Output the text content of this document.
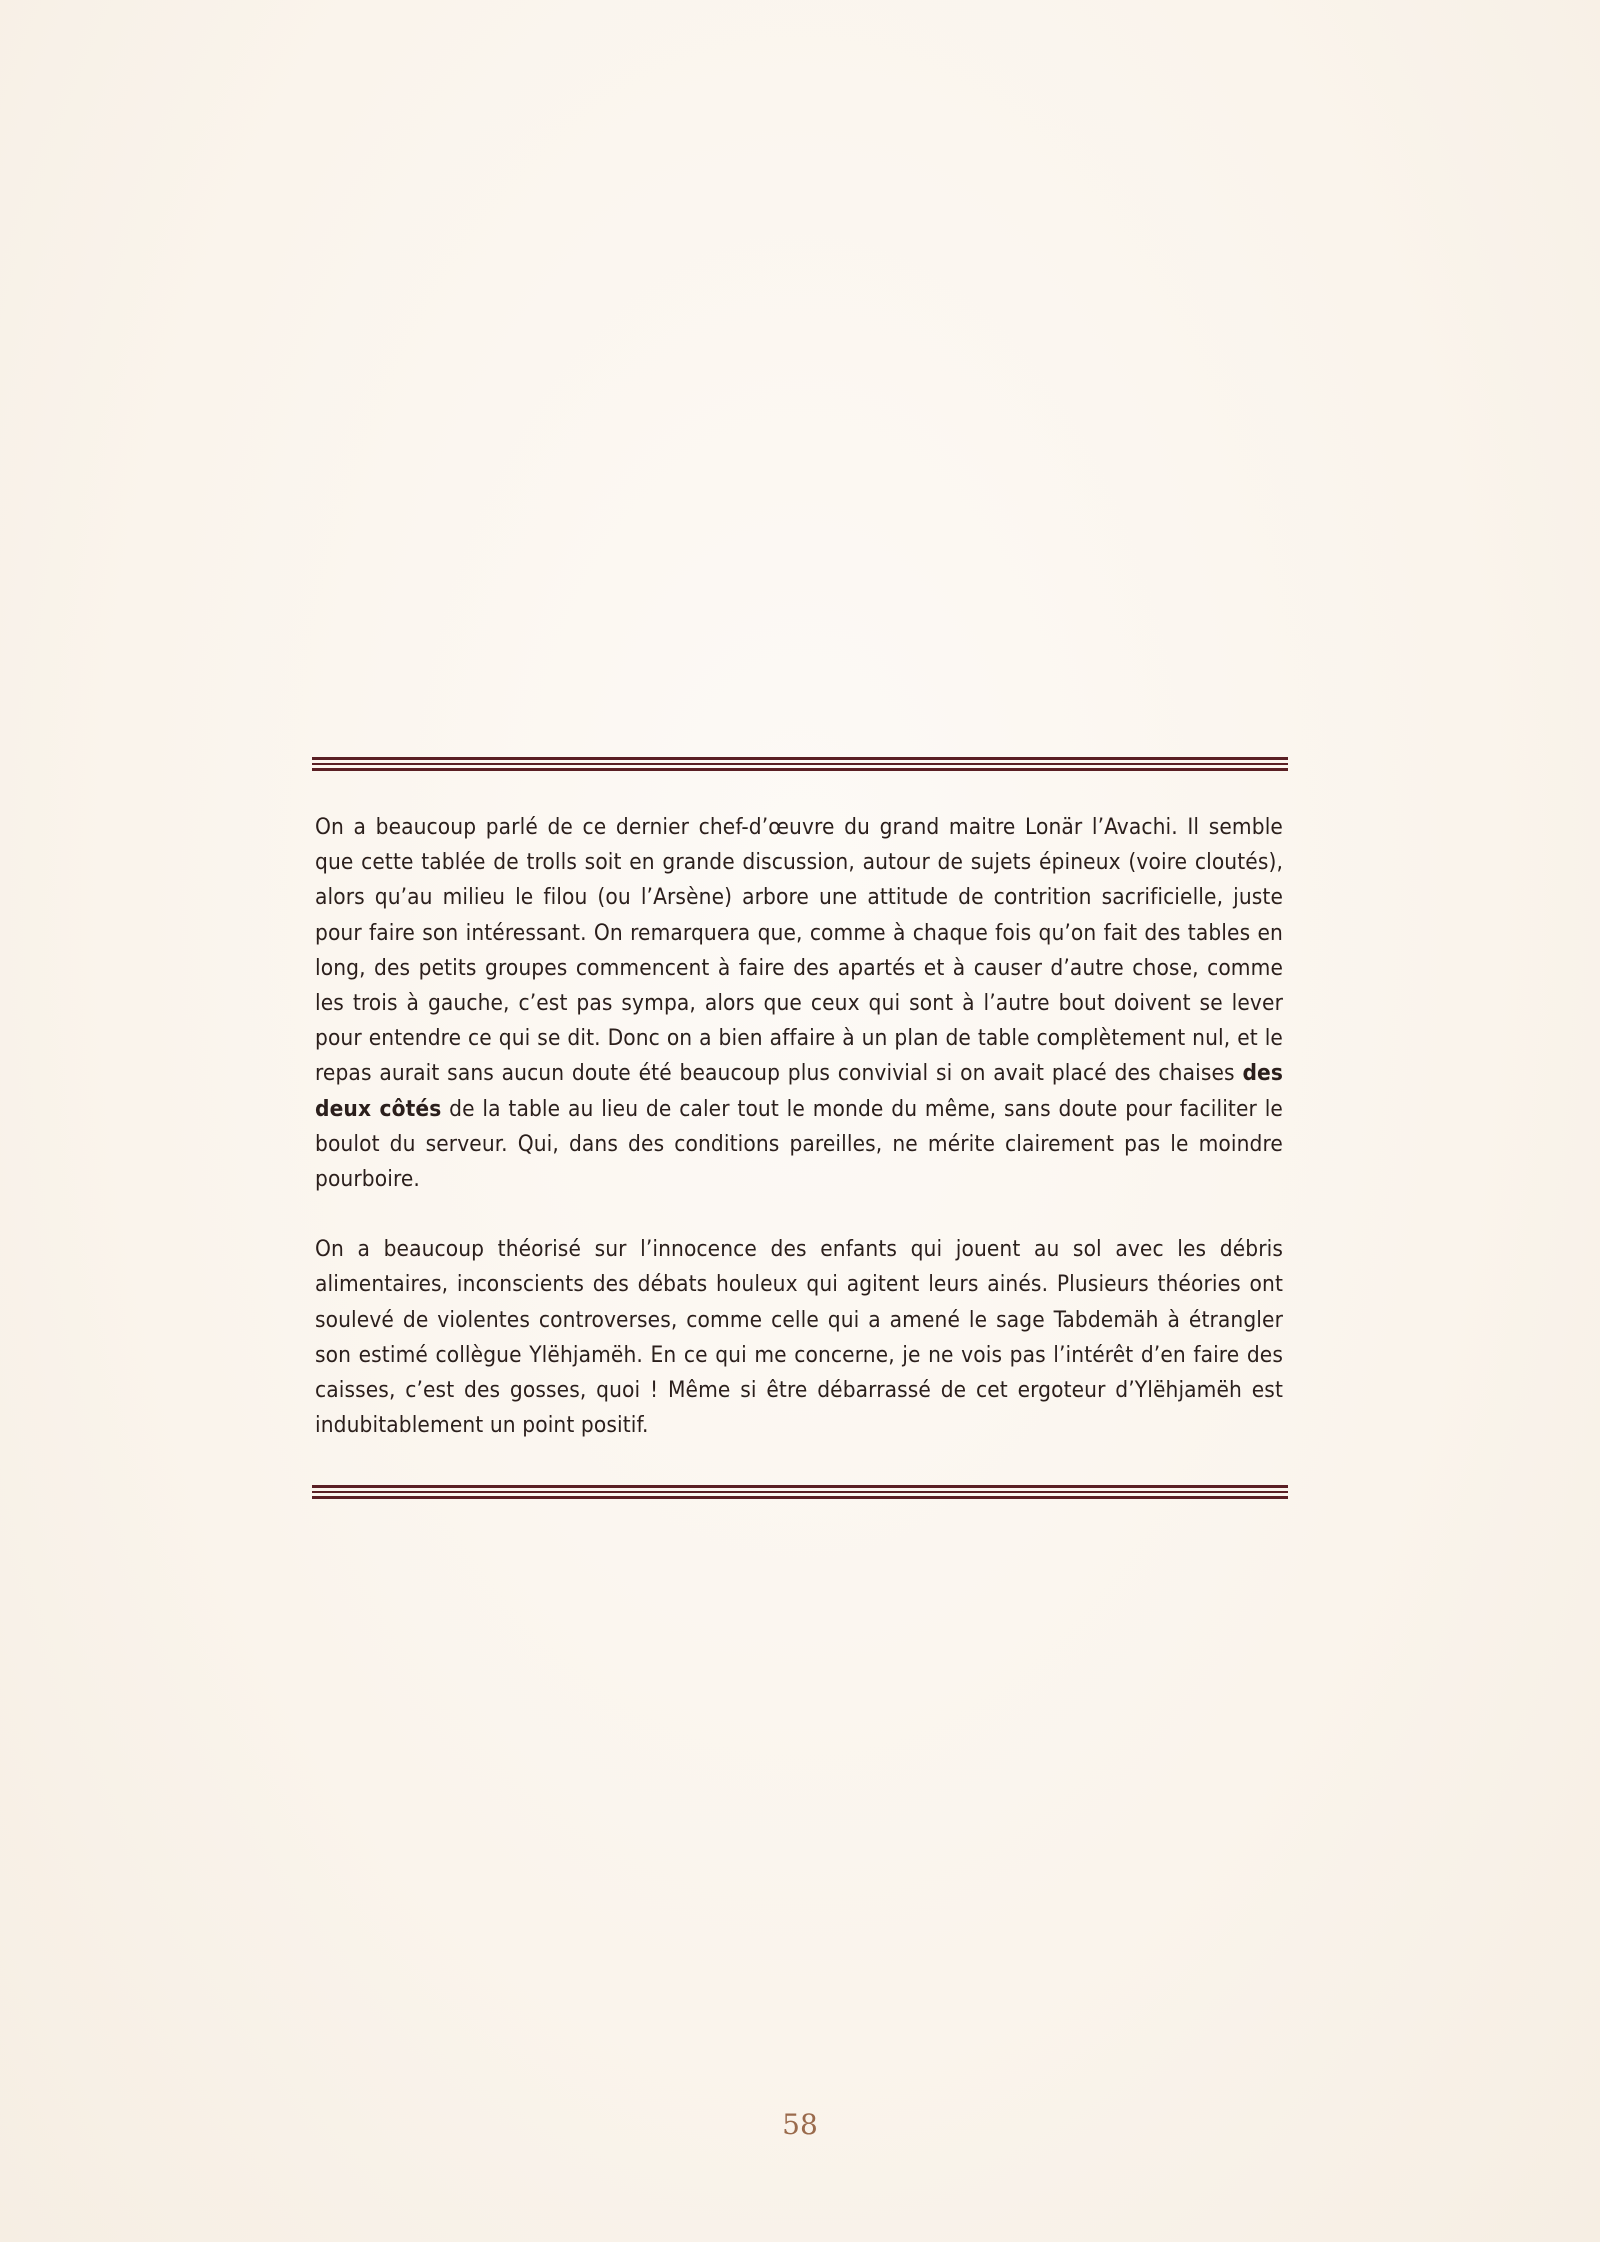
On a beaucoup parlé de ce dernier chef-d’œuvre du grand maitre Lonär l’Avachi. Il semble que cette tablée de trolls soit en grande discussion, autour de sujets épineux (voire cloutés), alors qu’au milieu le filou (ou l’Arsène) arbore une attitude de contrition sacrificielle, juste pour faire son intéressant. On remarquera que, comme à chaque fois qu’on fait des tables en long, des petits groupes commencent à faire des apartés et à causer d’autre chose, comme les trois à gauche, c’est pas sympa, alors que ceux qui sont à l’autre bout doivent se lever pour entendre ce qui se dit. Donc on a bien affaire à un plan de table complètement nul, et le repas aurait sans aucun doute été beaucoup plus convivial si on avait placé des chaises des deux côtés de la table au lieu de caler tout le monde du même, sans doute pour faciliter le boulot du serveur. Qui, dans des conditions pareilles, ne mérite clairement pas le moindre pourboire.

On a beaucoup théorisé sur l’innocence des enfants qui jouent au sol avec les débris alimentaires, inconscients des débats houleux qui agitent leurs ainés. Plusieurs théories ont soulevé de violentes controverses, comme celle qui a amené le sage Tabdemäh à étrangler son estimé collègue Ylëhjamëh. En ce qui me concerne, je ne vois pas l’intérêt d’en faire des caisses, c’est des gosses, quoi ! Même si être débarrassé de cet ergoteur d’Ylëhjamëh est indubitablement un point positif.

58
